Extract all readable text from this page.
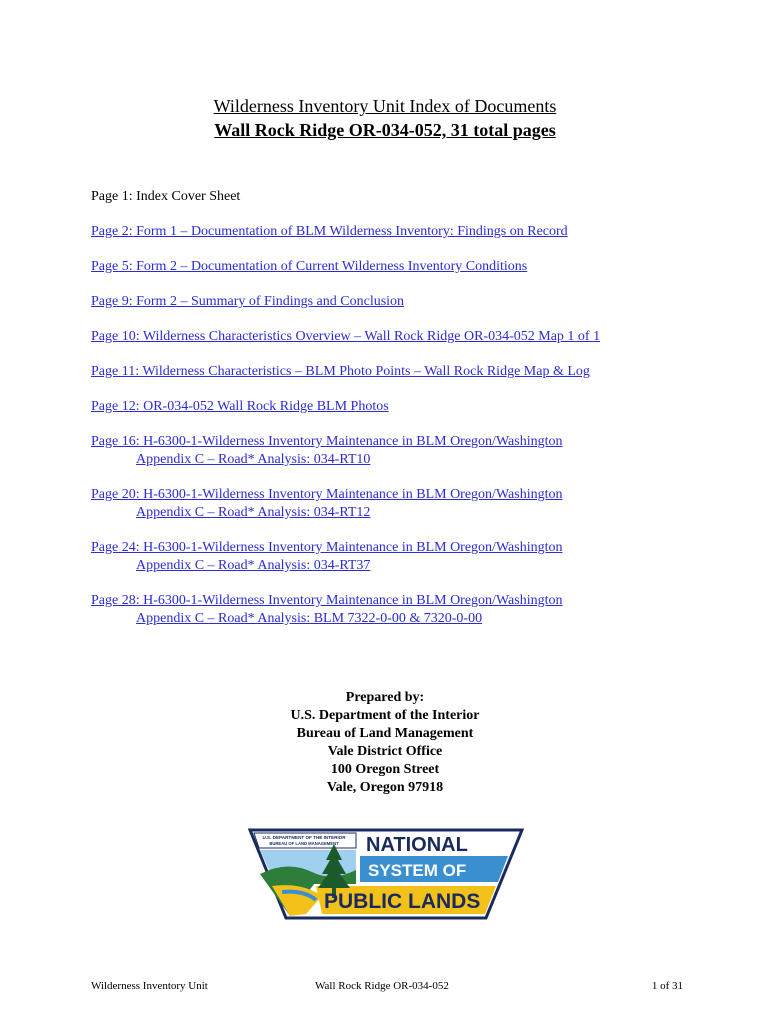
Wilderness Inventory Unit Index of Documents
Wall Rock Ridge OR-034-052, 31 total pages
Page 1: Index Cover Sheet
Page 2: Form 1 – Documentation of BLM Wilderness Inventory: Findings on Record
Page 5: Form 2 – Documentation of Current Wilderness Inventory Conditions
Page 9: Form 2 – Summary of Findings and Conclusion
Page 10: Wilderness Characteristics Overview – Wall Rock Ridge OR-034-052 Map 1 of 1
Page 11: Wilderness Characteristics – BLM Photo Points – Wall Rock Ridge Map & Log
Page 12: OR-034-052 Wall Rock Ridge BLM Photos
Page 16: H-6300-1-Wilderness Inventory Maintenance in BLM Oregon/Washington
Appendix C – Road* Analysis: 034-RT10
Page 20: H-6300-1-Wilderness Inventory Maintenance in BLM Oregon/Washington
Appendix C – Road* Analysis: 034-RT12
Page 24: H-6300-1-Wilderness Inventory Maintenance in BLM Oregon/Washington
Appendix C – Road* Analysis: 034-RT37
Page 28: H-6300-1-Wilderness Inventory Maintenance in BLM Oregon/Washington
Appendix C – Road* Analysis: BLM 7322-0-00 & 7320-0-00
Prepared by:
U.S. Department of the Interior
Bureau of Land Management
Vale District Office
100 Oregon Street
Vale, Oregon 97918
U.S. DEPARTMENT OF THE INTERIOR
BUREAU OF LAND MANAGEMENT NATIONAL
SYSTEM OF
PUBLIC LANDS
Wilderness Inventory Unit	Wall Rock Ridge OR-034-052	1 of 31
